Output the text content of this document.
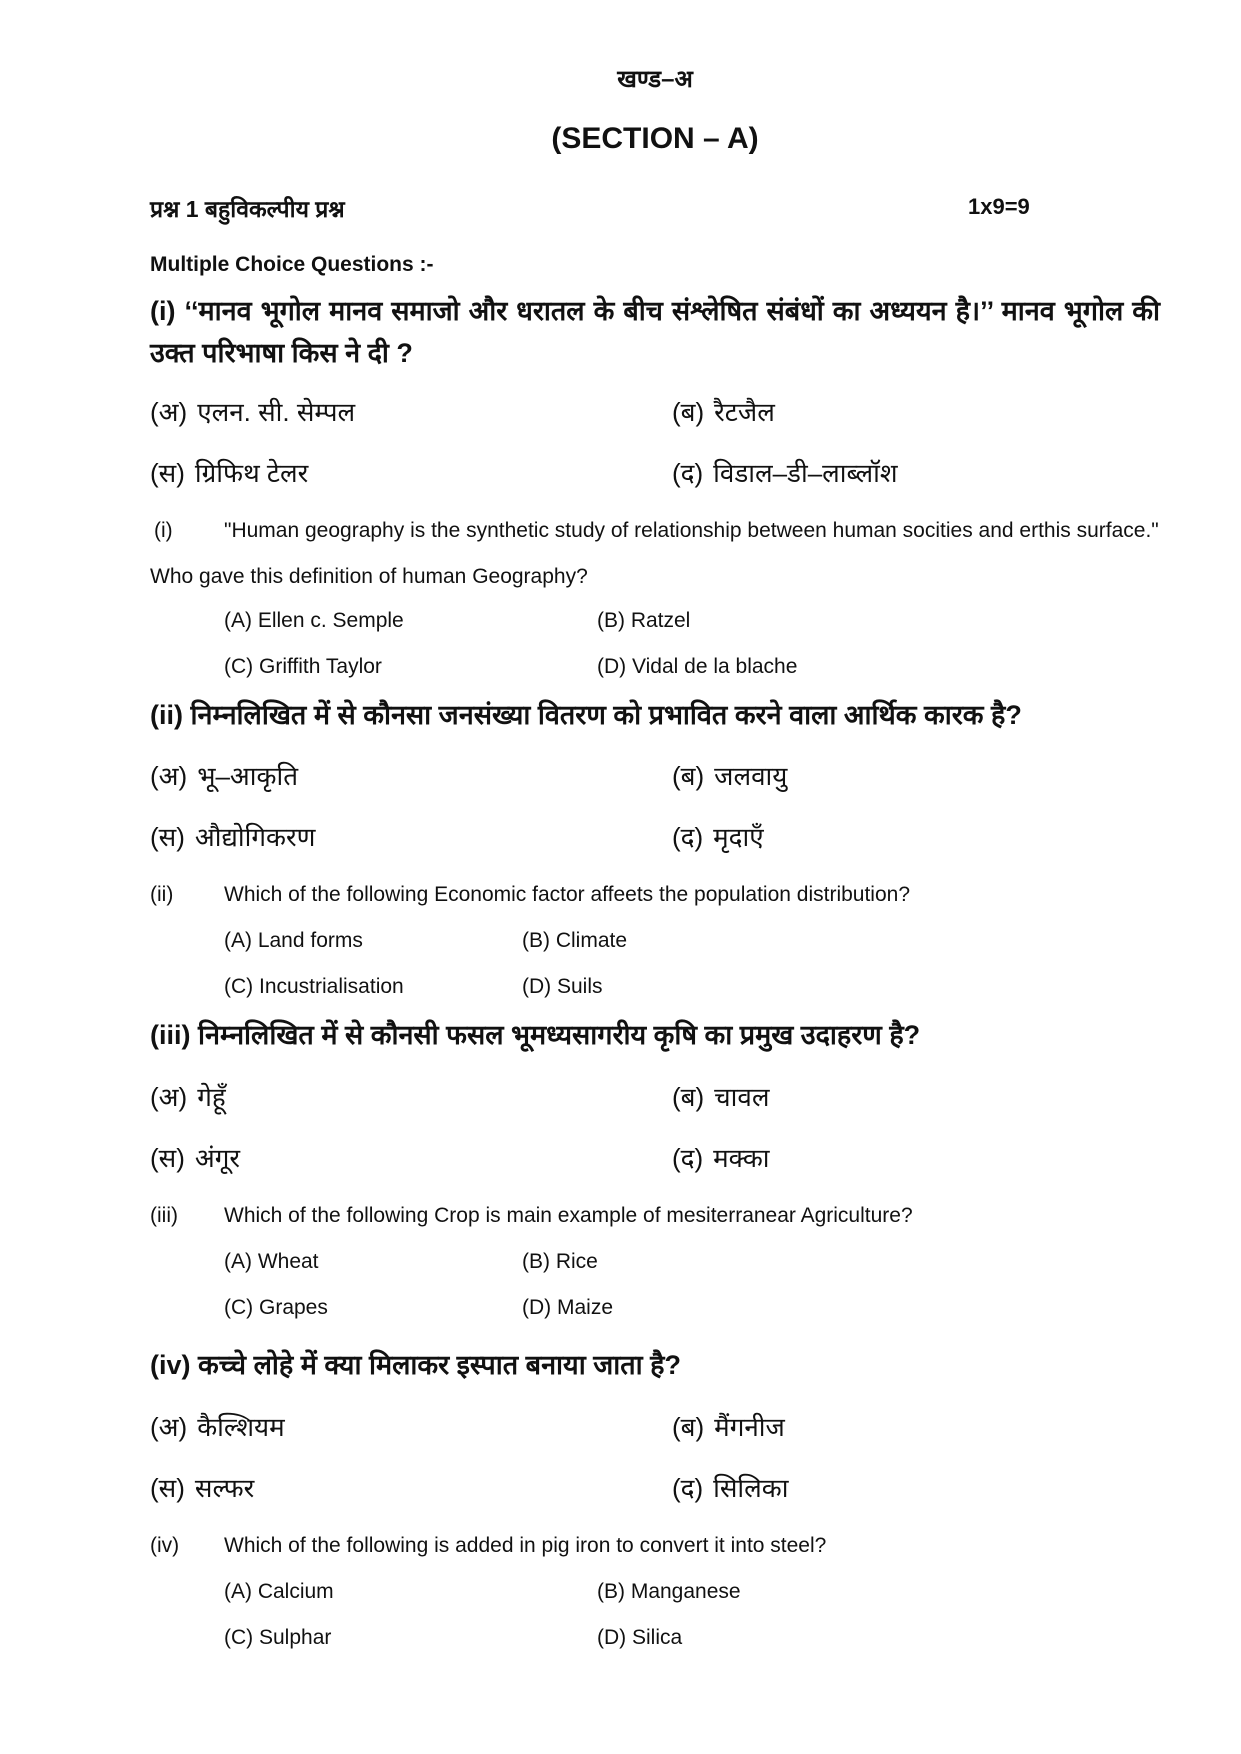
खण्ड–अ
(SECTION – A)
प्रश्न 1 बहुविकल्पीय प्रश्न	1x9=9
Multiple Choice Questions :-
(i) ‘‘मानव भूगोल मानव समाजो और धरातल के बीच संश्लेषित संबंधों का अध्ययन है।’’ मानव भूगोल की उक्त परिभाषा किस ने दी ?
(अ) एलन. सी. सेम्पल	(ब) रैटजैल
(स) ग्रिफिथ टेलर	(द) विडाल–डी–लाब्लॉश
(i) "Human geography is the synthetic study of relationship between human socities and erthis surface." Who gave this definition of human Geography?
(A) Ellen c. Semple	(B) Ratzel
(C) Griffith Taylor	(D) Vidal de la blache
(ii) निम्नलिखित में से कौनसा जनसंख्या वितरण को प्रभावित करने वाला आर्थिक कारक है?
(अ) भू–आकृति	(ब) जलवायु
(स) औद्योगिकरण	(द) मृदाएँ
(ii) Which of the following Economic factor affeets the population distribution?
(A) Land forms	(B) Climate
(C) Incustrialisation	(D) Suils
(iii) निम्नलिखित में से कौनसी फसल भूमध्यसागरीय कृषि का प्रमुख उदाहरण है?
(अ) गेहूँ	(ब) चावल
(स) अंगूर	(द) मक्का
(iii) Which of the following Crop is main example of mesiterranear Agriculture?
(A) Wheat	(B) Rice
(C) Grapes	(D) Maize
(iv) कच्चे लोहे में क्या मिलाकर इस्पात बनाया जाता है?
(अ) कैल्शियम	(ब) मैंगनीज
(स) सल्फर	(द) सिलिका
(iv) Which of the following is added in pig iron to convert it into steel?
(A) Calcium	(B) Manganese
(C) Sulphar	(D) Silica
